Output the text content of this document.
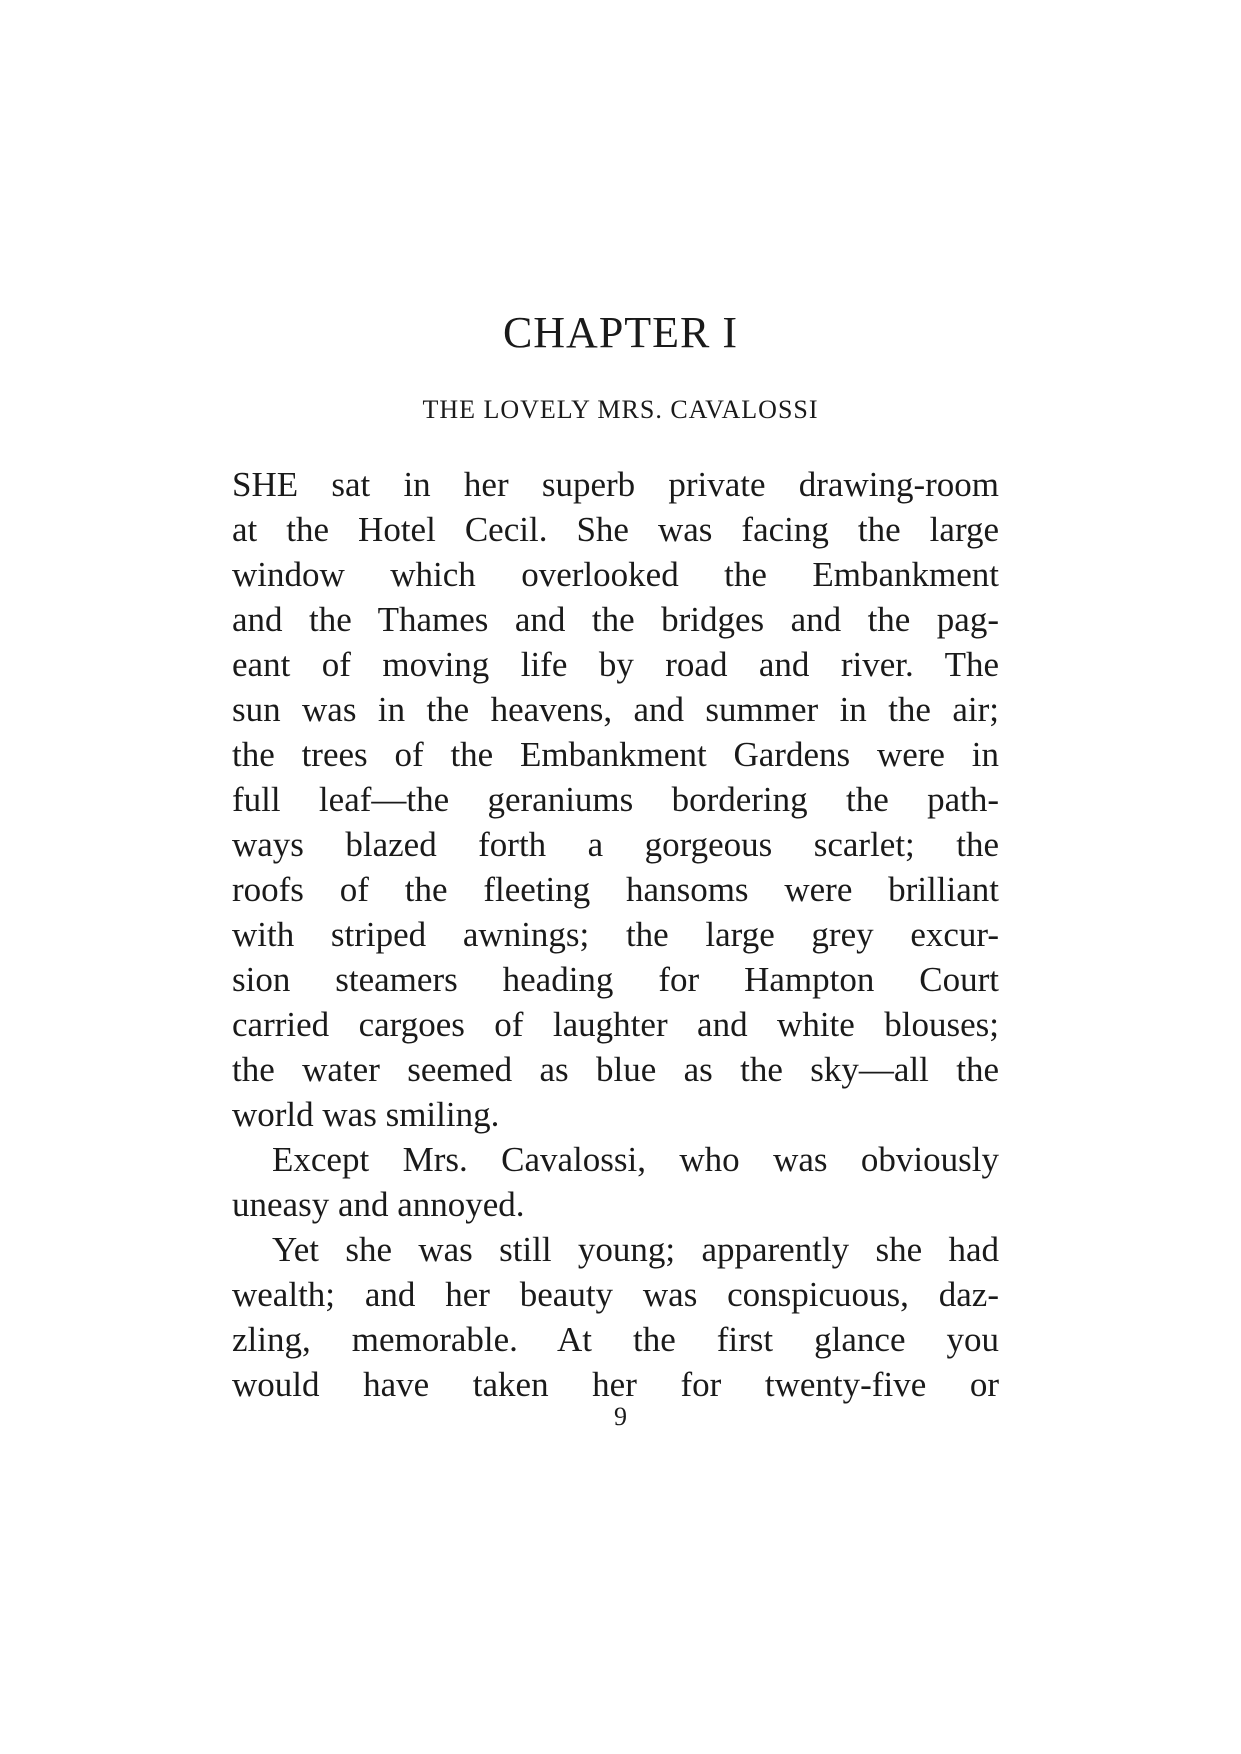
CHAPTER I
THE LOVELY MRS. CAVALOSSI
SHE sat in her superb private drawing-room
at the Hotel Cecil. She was facing the large
window which overlooked the Embankment
and the Thames and the bridges and the pag-
eant of moving life by road and river. The
sun was in the heavens, and summer in the air;
the trees of the Embankment Gardens were in
full leaf—the geraniums bordering the path-
ways blazed forth a gorgeous scarlet; the
roofs of the fleeting hansoms were brilliant
with striped awnings; the large grey excur-
sion steamers heading for Hampton Court
carried cargoes of laughter and white blouses;
the water seemed as blue as the sky—all the
world was smiling.
Except Mrs. Cavalossi, who was obviously
uneasy and annoyed.
Yet she was still young; apparently she had
wealth; and her beauty was conspicuous, daz-
zling, memorable. At the first glance you
would have taken her for twenty-five or
9
